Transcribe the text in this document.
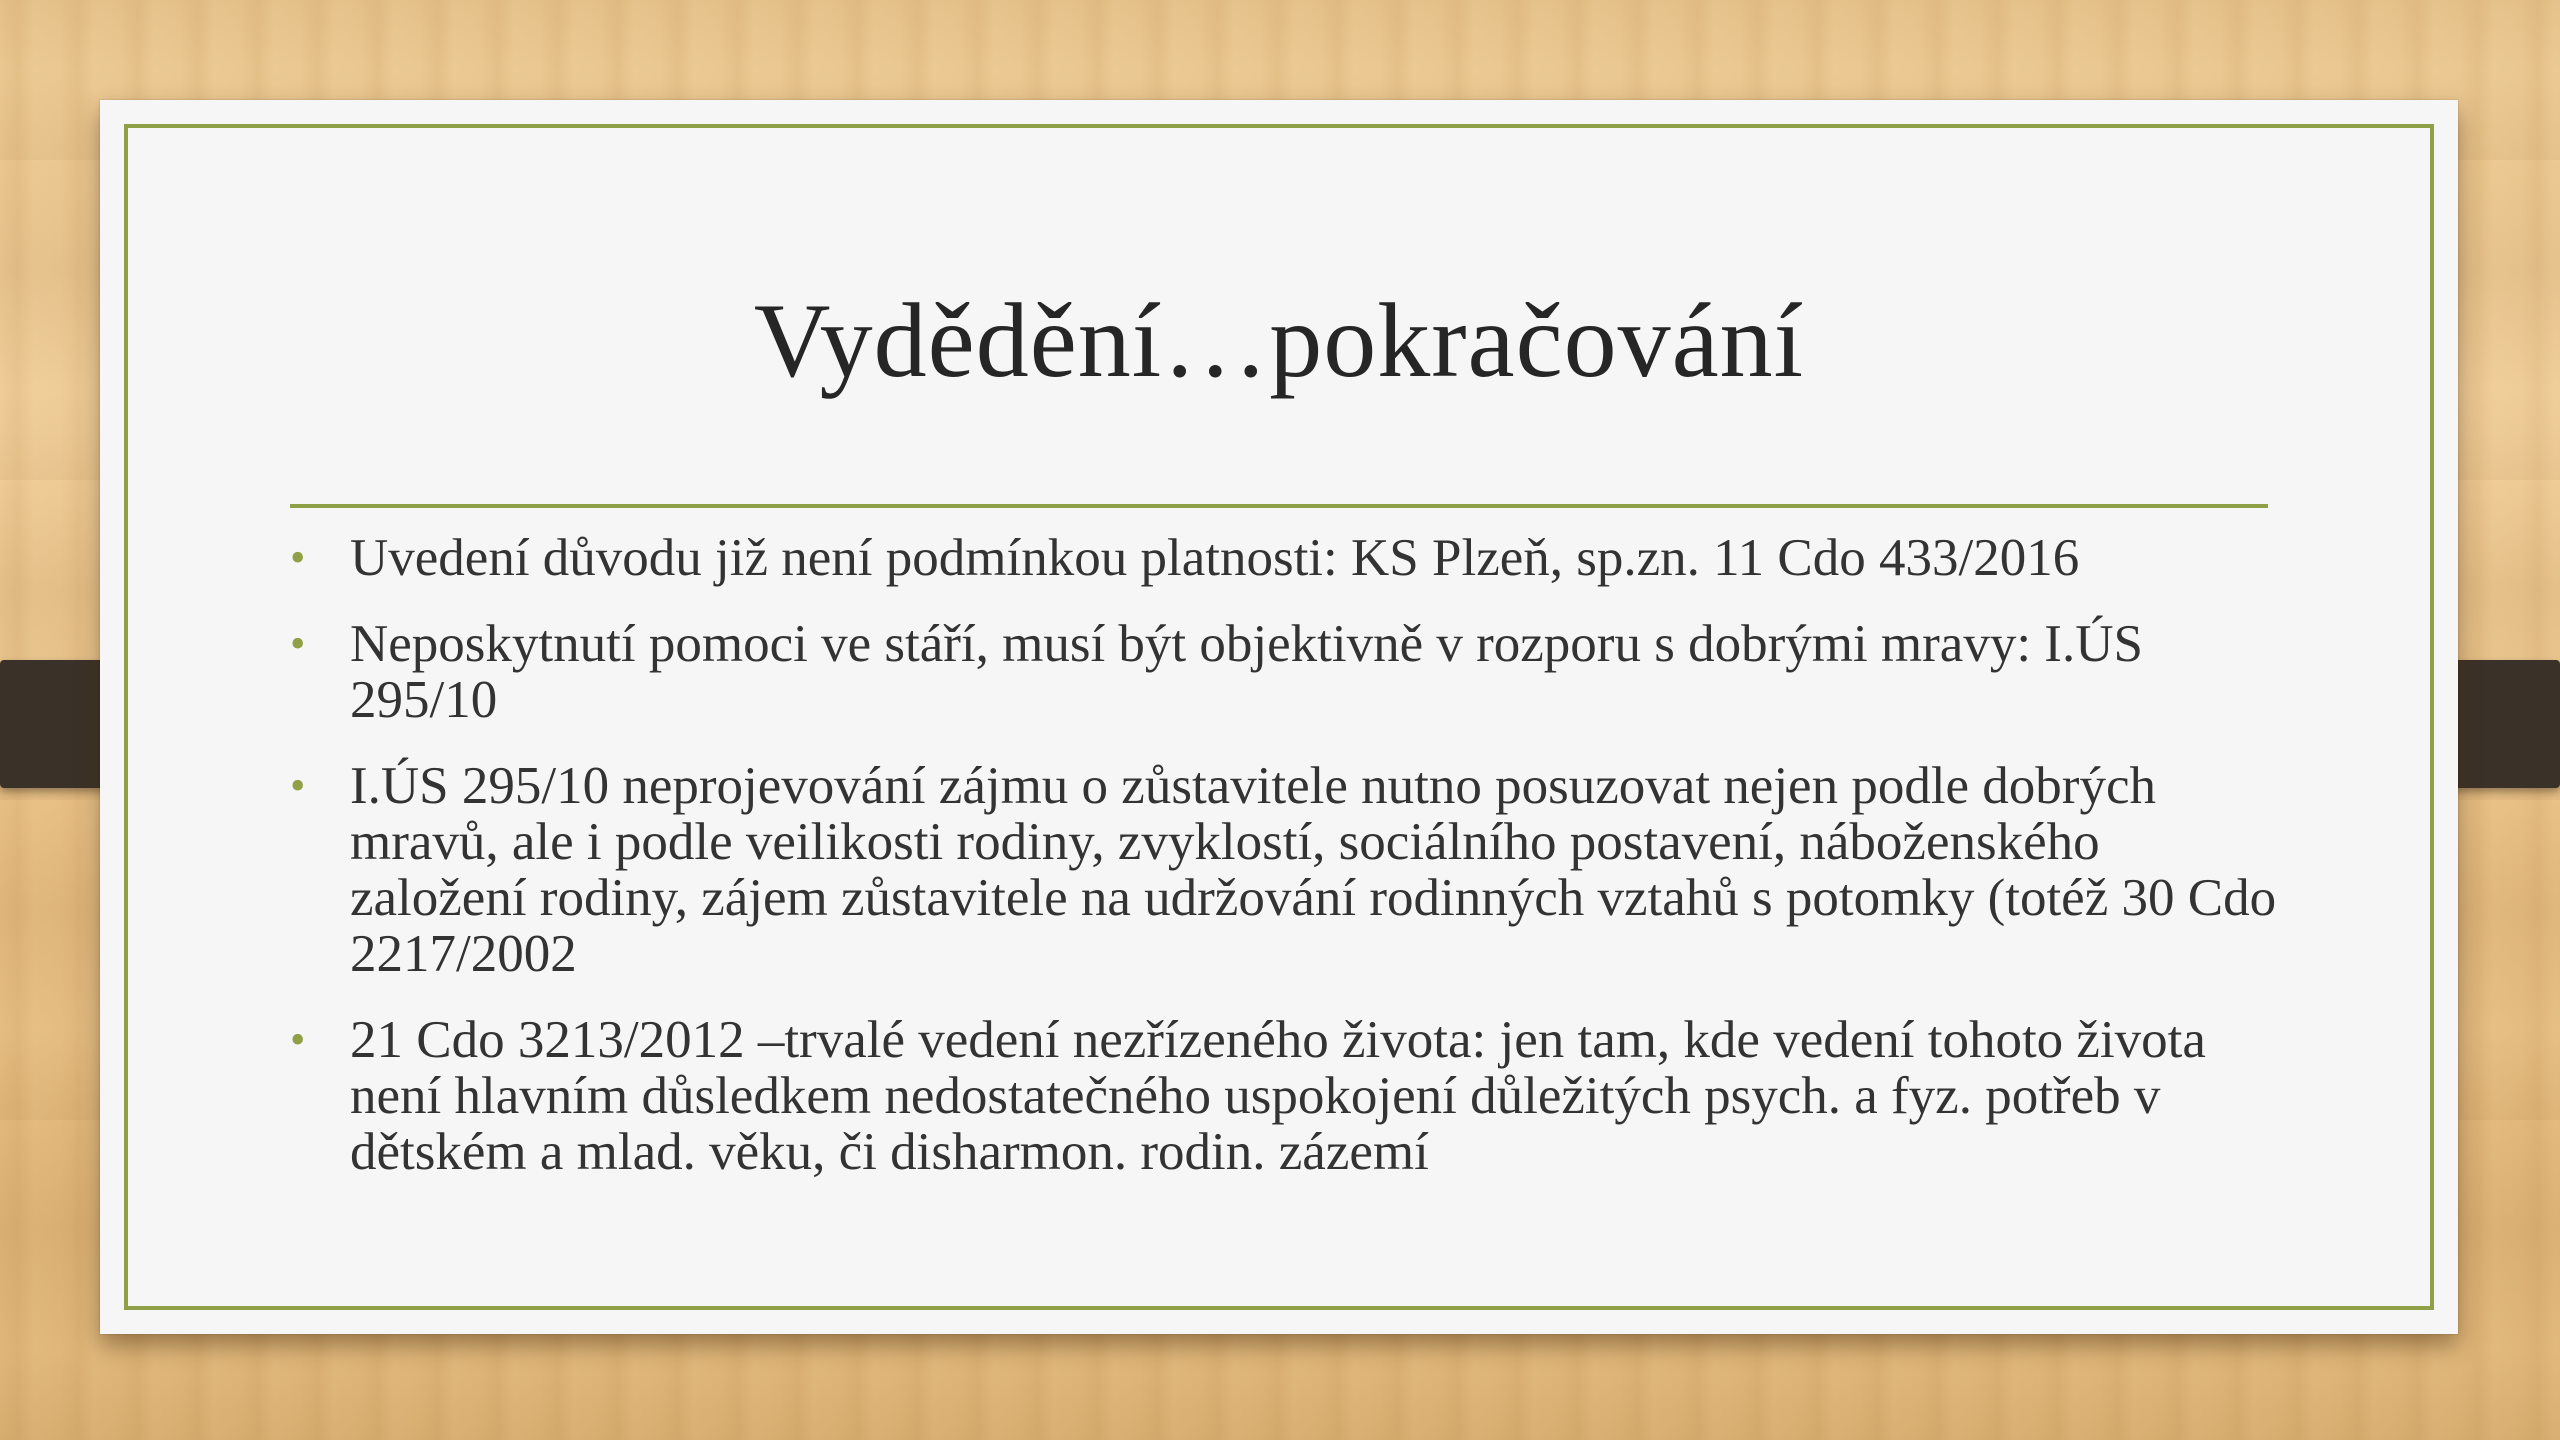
Vydědění…pokračování
• Uvedení důvodu již není podmínkou platnosti: KS Plzeň, sp.zn. 11 Cdo 433/2016
• Neposkytnutí pomoci ve stáří, musí být objektivně v rozporu s dobrými mravy: I.ÚS 295/10
• I.ÚS 295/10 neprojevování zájmu o zůstavitele nutno posuzovat nejen podle dobrých mravů, ale i podle veilikosti rodiny, zvyklostí, sociálního postavení, náboženského založení rodiny, zájem zůstavitele na udržování rodinných vztahů s potomky (totéž 30 Cdo 2217/2002
• 21 Cdo 3213/2012 –trvalé vedení nezřízeného života: jen tam, kde vedení tohoto života není hlavním důsledkem nedostatečného uspokojení důležitých psych. a fyz. potřeb v dětském a mlad. věku, či disharmon. rodin. zázemí
